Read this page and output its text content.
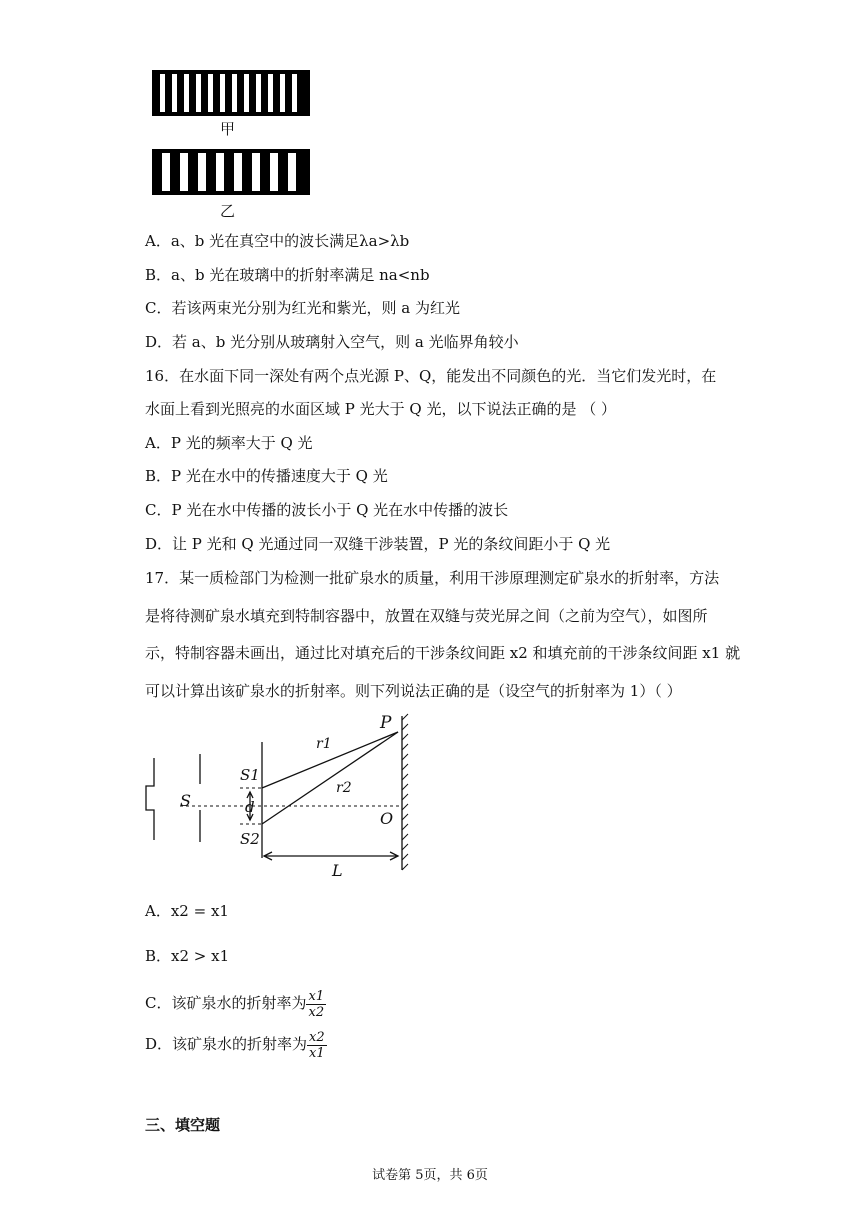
甲
乙
A．a、b 光在真空中的波长满足λa>λb
B．a、b 光在玻璃中的折射率满足 na<nb
C．若该两束光分别为红光和紫光，则 a 为红光
D．若 a、b 光分别从玻璃射入空气，则 a 光临界角较小
16．在水面下同一深处有两个点光源 P、Q，能发出不同颜色的光．当它们发光时，在
水面上看到光照亮的水面区域 P 光大于 Q 光，以下说法正确的是 （ ）
A．P 光的频率大于 Q 光
B．P 光在水中的传播速度大于 Q 光
C．P 光在水中传播的波长小于 Q 光在水中传播的波长
D．让 P 光和 Q 光通过同一双缝干涉装置，P 光的条纹间距小于 Q 光
17．某一质检部门为检测一批矿泉水的质量，利用干涉原理测定矿泉水的折射率，方法
是将待测矿泉水填充到特制容器中，放置在双缝与荧光屏之间（之前为空气），如图所
示，特制容器未画出，通过比对填充后的干涉条纹间距 x2 和填充前的干涉条纹间距 x1 就
可以计算出该矿泉水的折射率。则下列说法正确的是（设空气的折射率为 1）（ ）
P
r1
r2
S
S1
d
S2
O
L
A．x2 = x1
B．x2 > x1
C．该矿泉水的折射率为 $\frac{x1}{x2}$
D．该矿泉水的折射率为 $\frac{x2}{x1}$
三、填空题
试卷第 5页，共 6页
